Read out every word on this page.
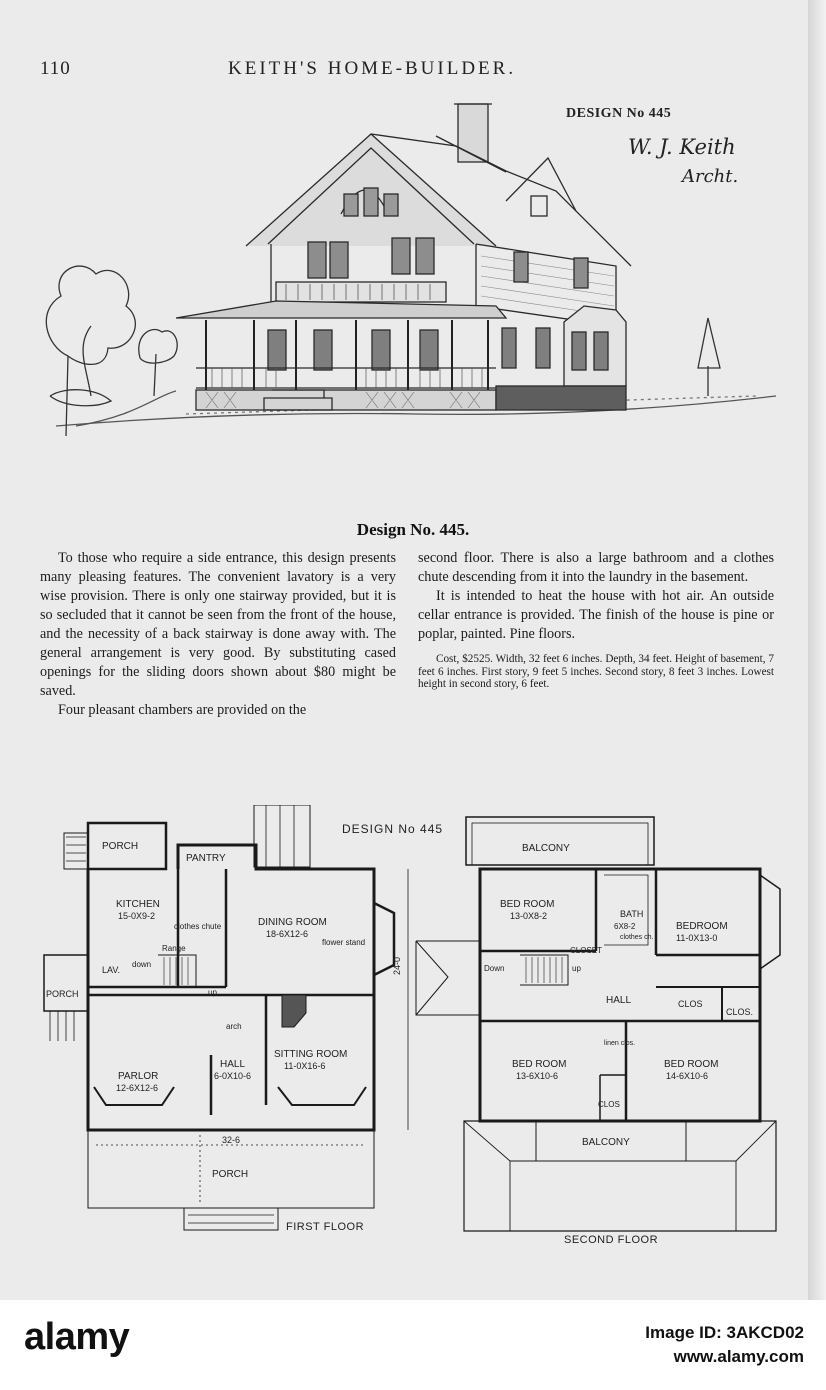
110	KEITH'S HOME-BUILDER.
DESIGN No 445
W. J. Keith
Archt.
Design No. 445.

To those who require a side entrance, this design presents many pleasing features. The convenient lavatory is a very wise provision. There is only one stairway provided, but it is so secluded that it cannot be seen from the front of the house, and the necessity of a back stairway is done away with. The general arrangement is very good. By substituting cased openings for the sliding doors shown about $80 might be saved.

Four pleasant chambers are provided on the

second floor. There is also a large bathroom and a clothes chute descending from it into the laundry in the basement.

It is intended to heat the house with hot air. An outside cellar entrance is provided. The finish of the house is pine or poplar, painted. Pine floors.

Cost, $2525. Width, 32 feet 6 inches. Depth, 34 feet. Height of basement, 7 feet 6 inches. First story, 9 feet 5 inches. Second story, 8 feet 3 inches. Lowest height in second story, 6 feet.

DESIGN No 445
PORCH
PANTRY
KITCHEN
15-0X9-2
clothes chute
Range
DINING ROOM
18-6X12-6
flower stand
LAV.
down
up
PORCH
arch
PARLOR
12-6X12-6
HALL
6-0X10-6
SITTING ROOM
11-0X16-6
32-6
PORCH
24-0
FIRST FLOOR
BALCONY
BED ROOM
13-0X8-2	BATH
6X8-2
clothes ch.
BEDROOM
11-0X13-0
CLOSET
Down	up
HALL	CLOS
CLOS.
linen clos.
BED ROOM
13-6X10-6
BED ROOM
14-6X10-6
CLOS
BALCONY
SECOND FLOOR
alamy	Image ID: 3AKCD02
www.alamy.com
